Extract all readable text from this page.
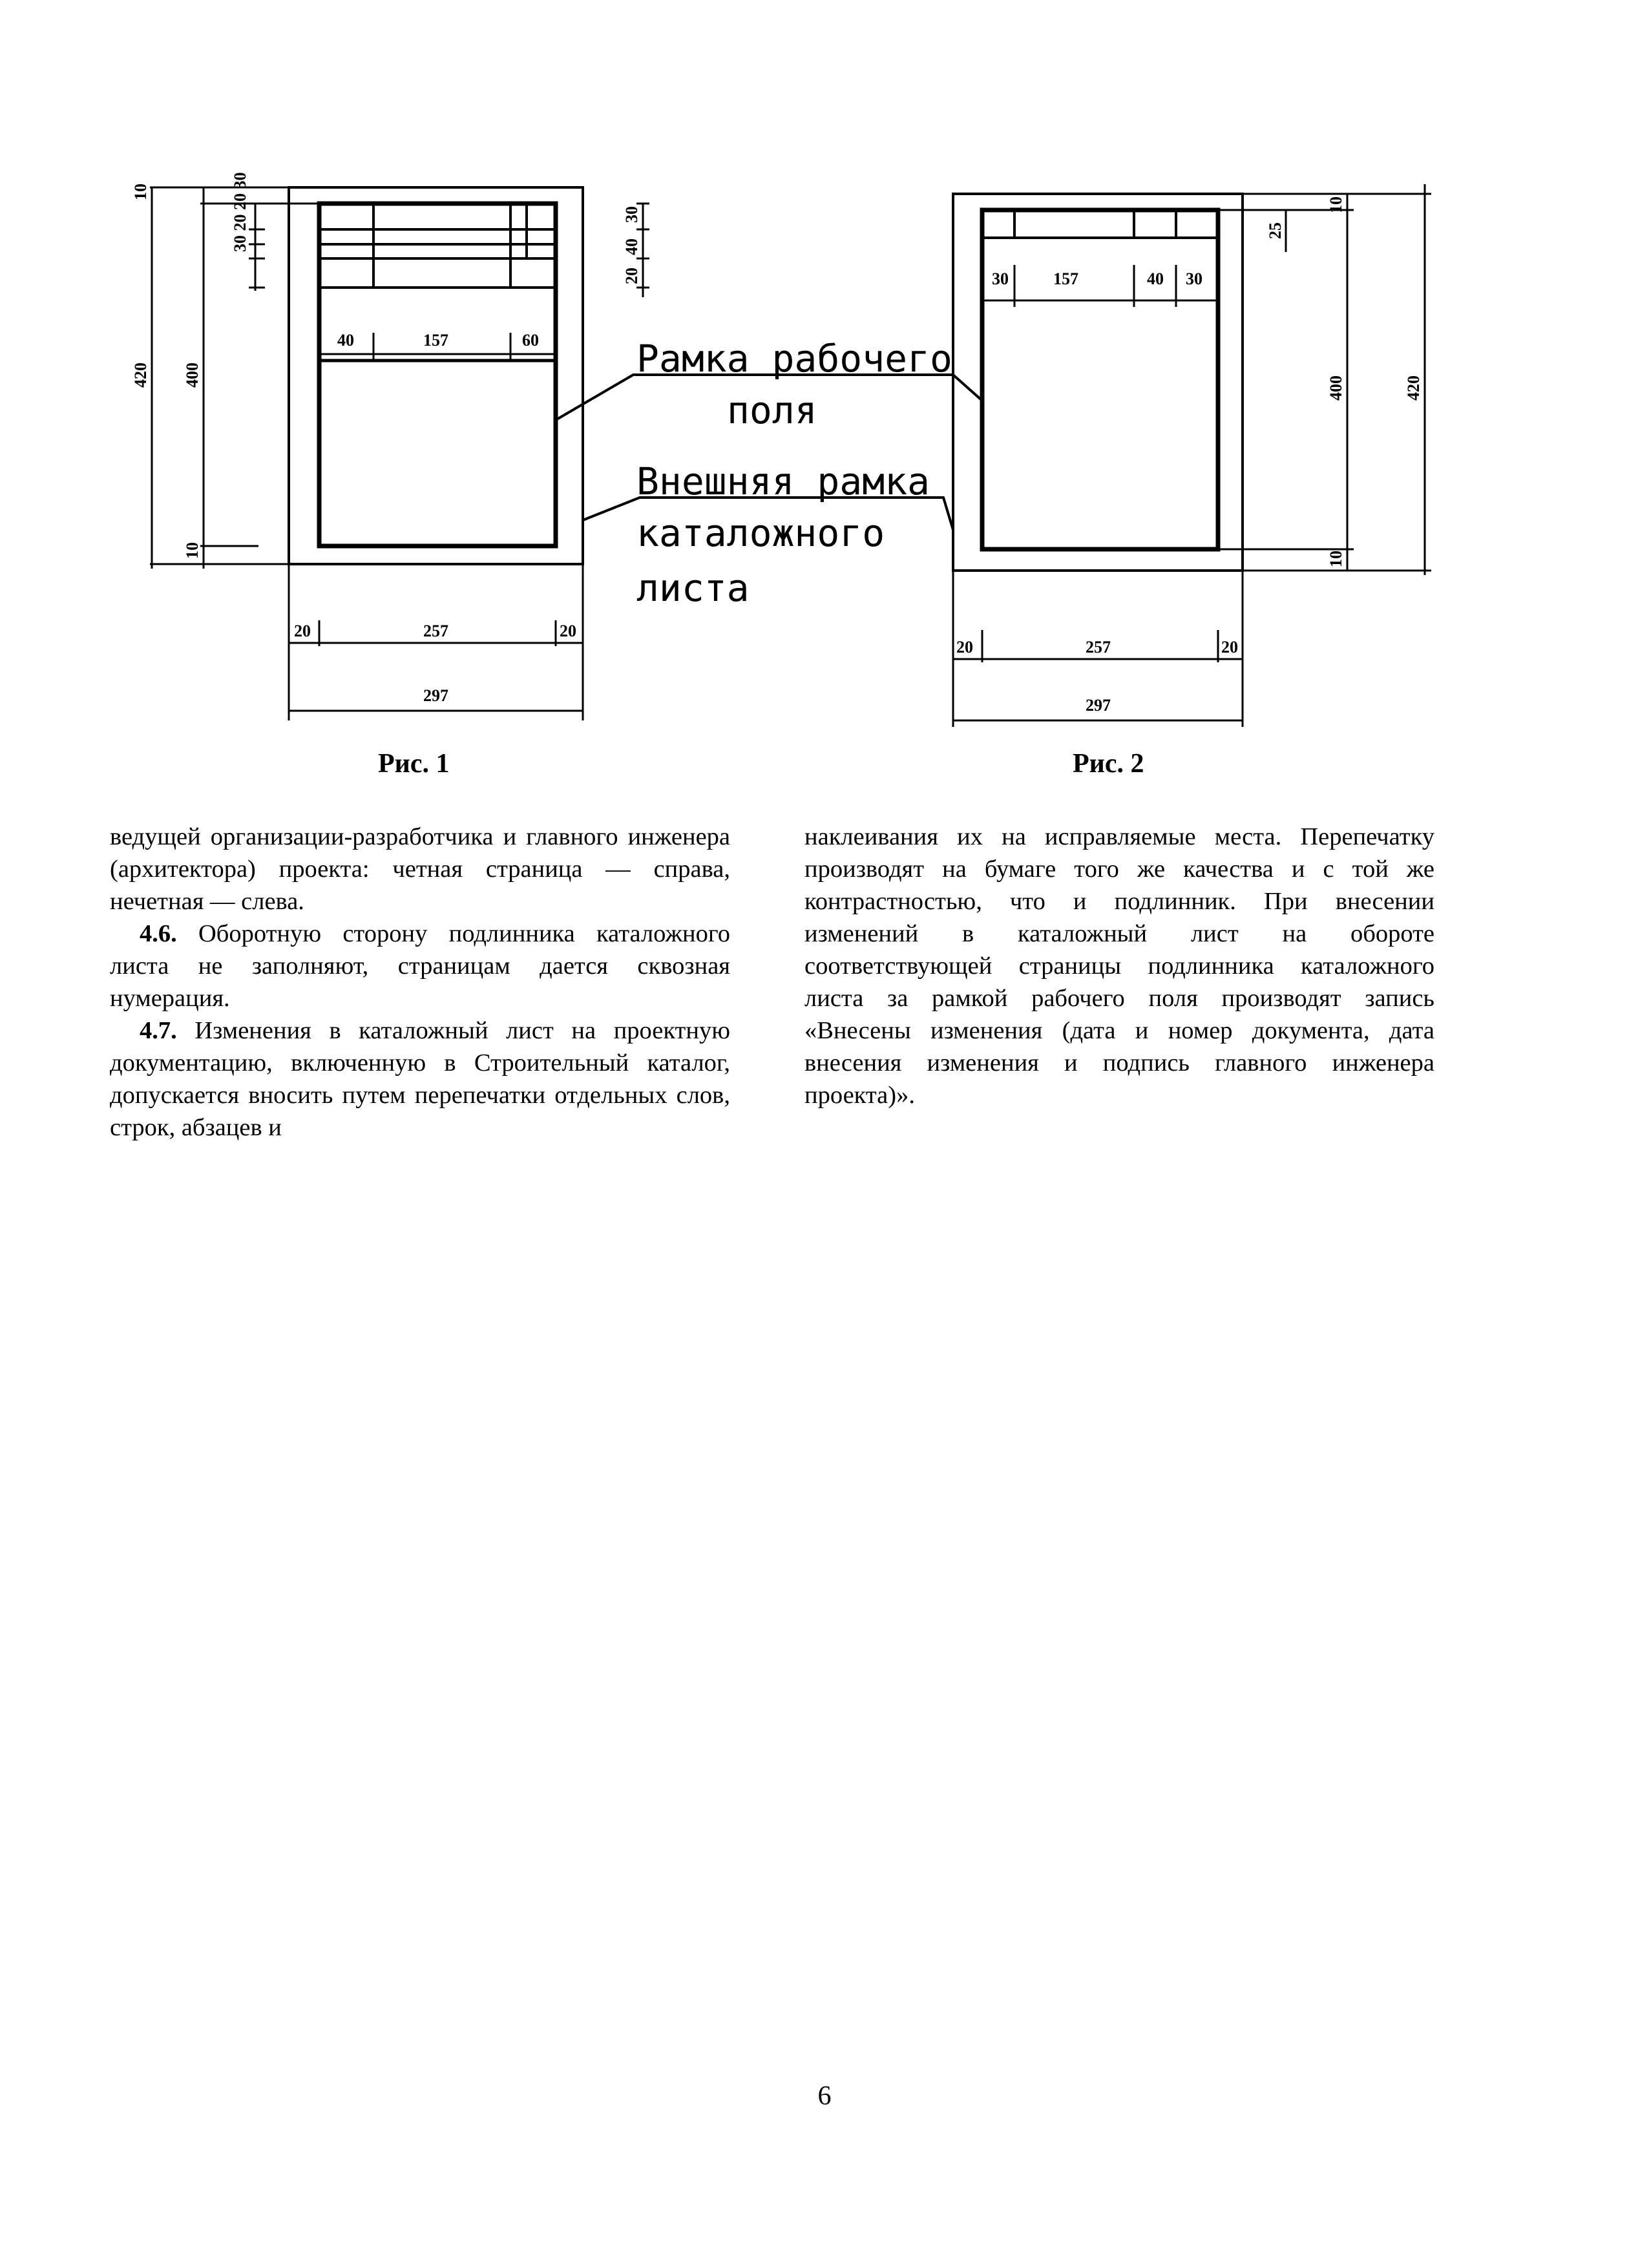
10	30 20 20 30
420 400
10
30
40
20
40	157	60
20	257	20
297
30	157	40 30
25
10
400	420
10
20	257	20
297
Рамка рабочего
поля
Внешняя рамка
каталожного
листа
Рис. 1	Рис. 2

ведущей организации-разработчика и главного инженера (архитектора) проекта: четная страница — справа, нечетная — слева.

4.6. Оборотную сторону подлинника каталожного листа не заполняют, страницам дается сквозная нумерация.

4.7. Изменения в каталожный лист на проектную документацию, включенную в Строительный каталог, допускается вносить путем перепечатки отдельных слов, строк, абзацев и

наклеивания их на исправляемые места. Перепечатку производят на бумаге того же качества и с той же контрастностью, что и подлинник. При внесении изменений в каталожный лист на обороте соответствующей страницы подлинника каталожного листа за рамкой рабочего поля производят запись «Внесены изменения (дата и номер документа, дата внесения изменения и подпись главного инженера проекта)».

6
